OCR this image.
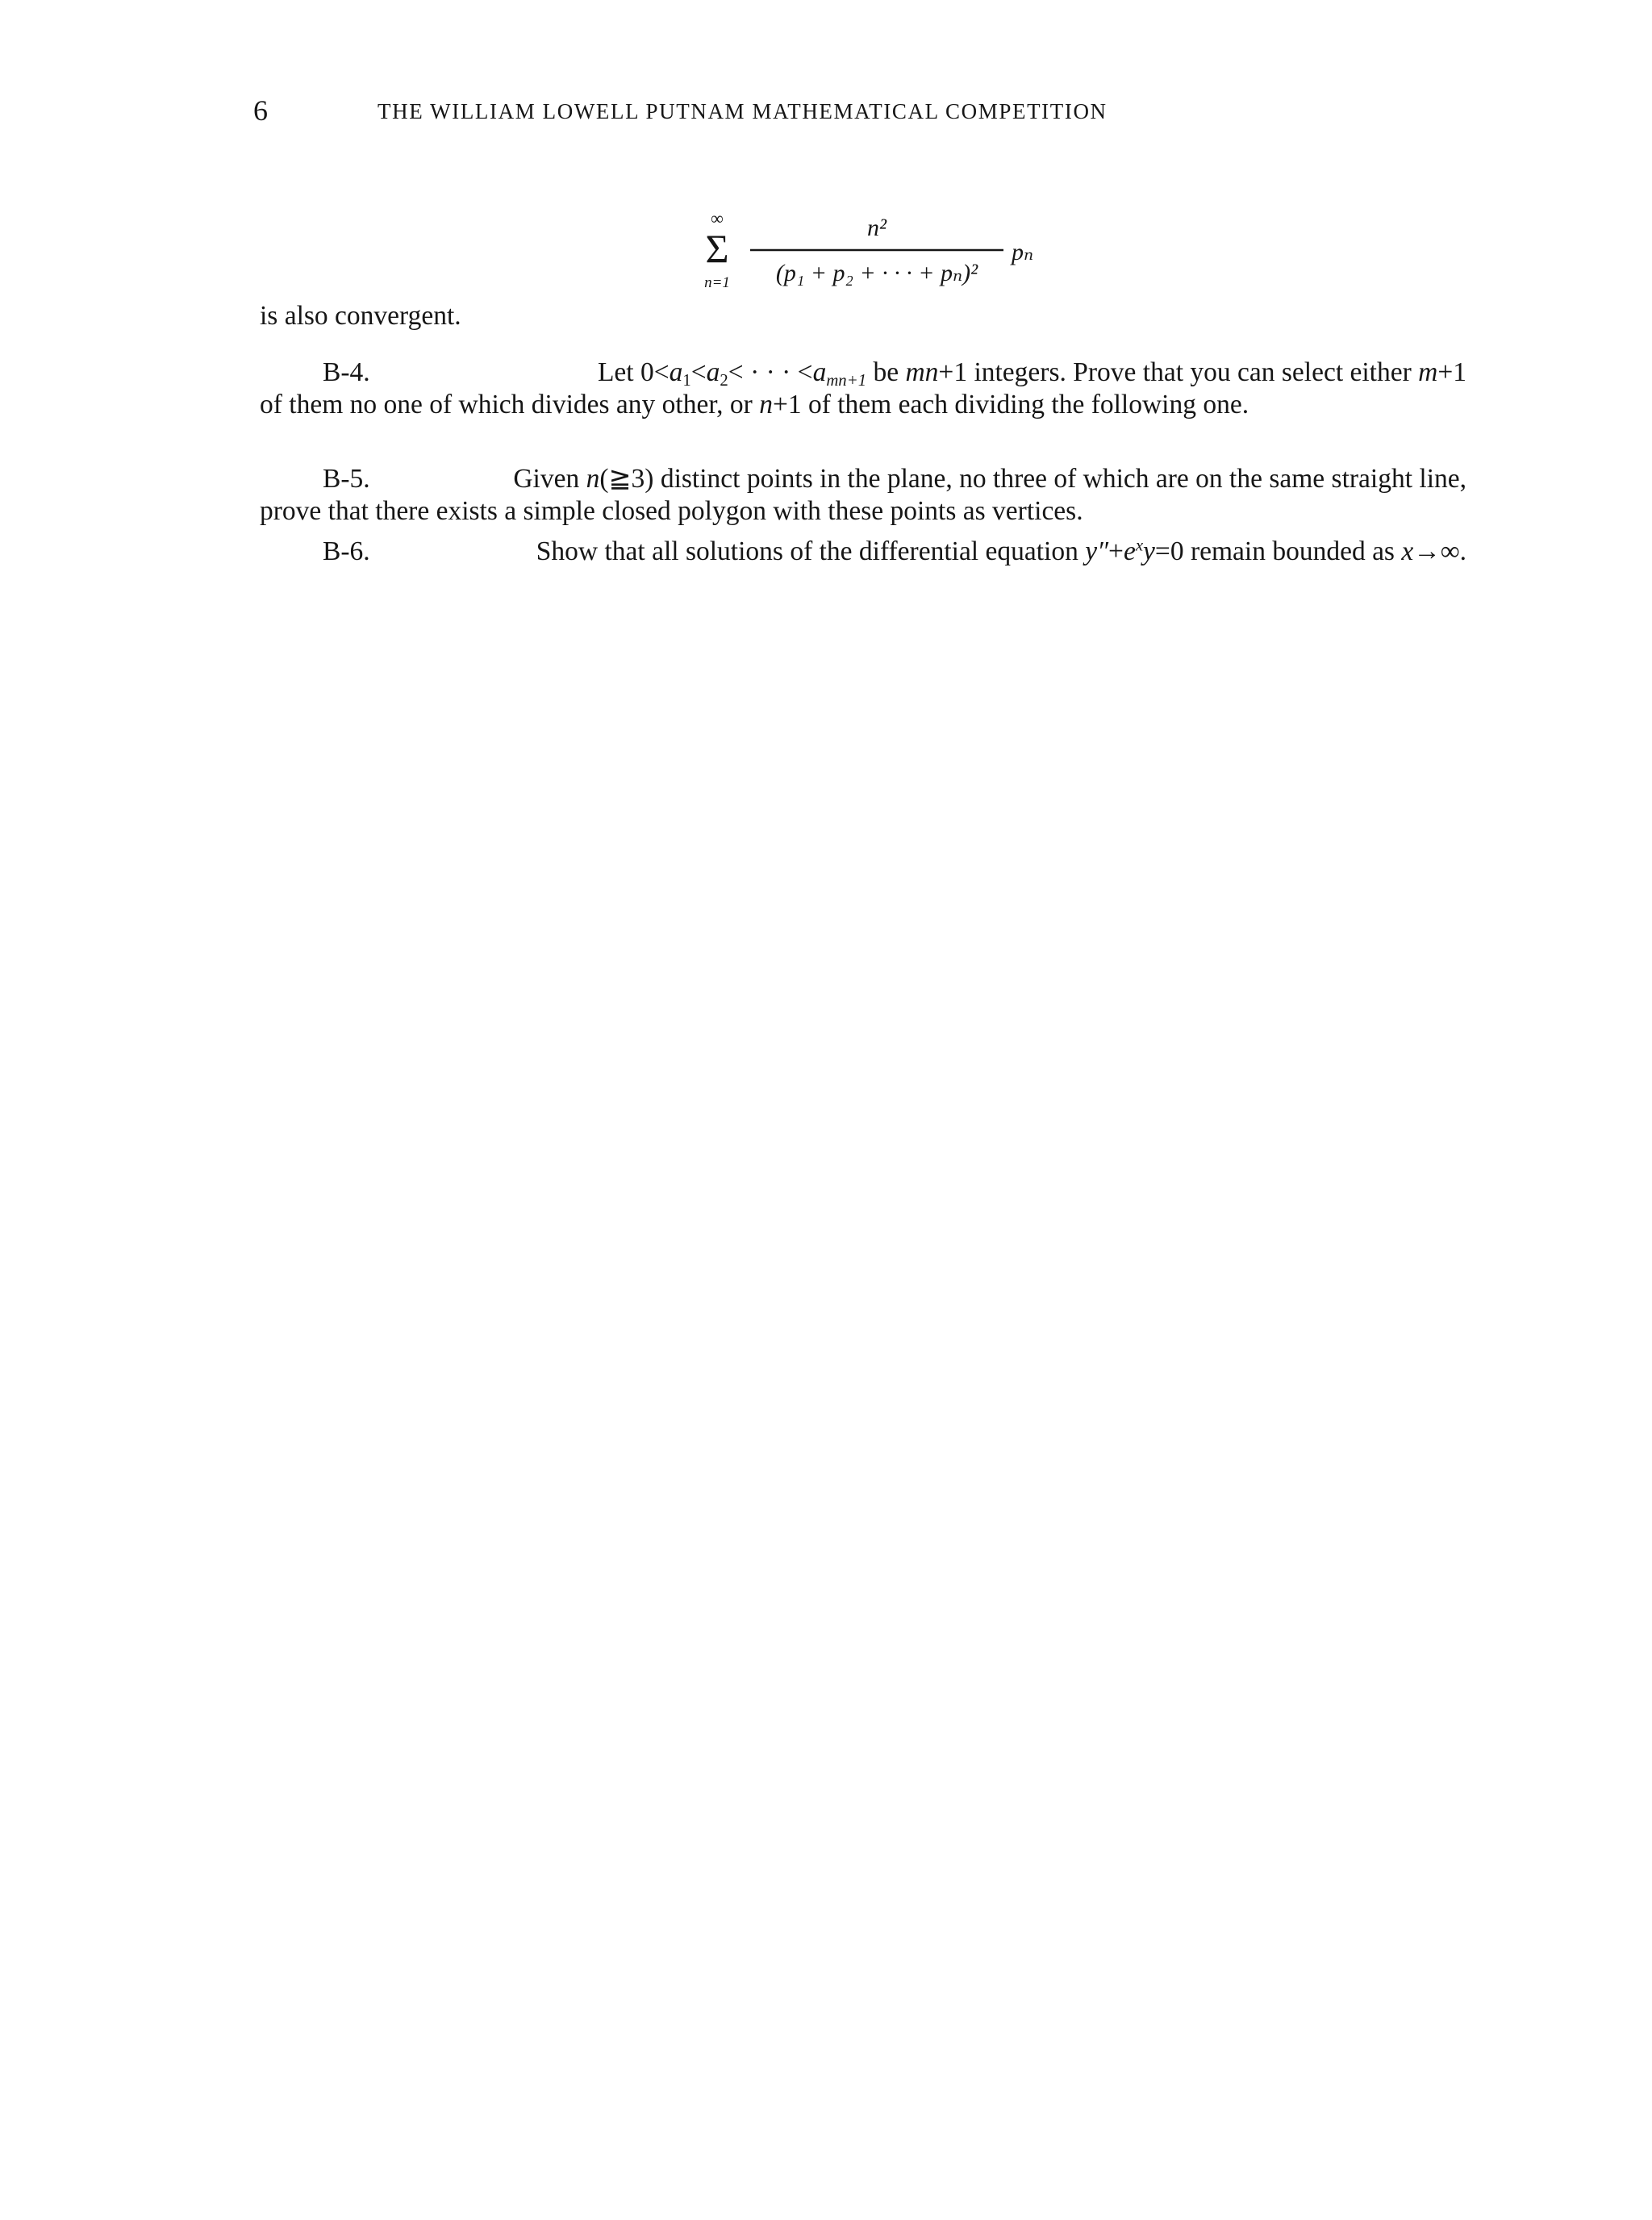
6	THE WILLIAM LOWELL PUTNAM MATHEMATICAL COMPETITION
∞
Σ
n=1
n²
(p₁ + p₂ + · · · + pₙ)²
pₙ
is also convergent.
B-4.	Let $0<a_1<a_2<$ · · · $<a_{mn+1}$ be mn+1 integers. Prove that you can select either m+1
of them no one of which divides any other, or n+1 of them each dividing the following one.
B-5.	Given n(≧3) distinct points in the plane, no three of which are on the same straight line,
prove that there exists a simple closed polygon with these points as vertices.
B-6.	Show that all solutions of the differential equation $y''+e^xy=0$ remain bounded as x→∞.
